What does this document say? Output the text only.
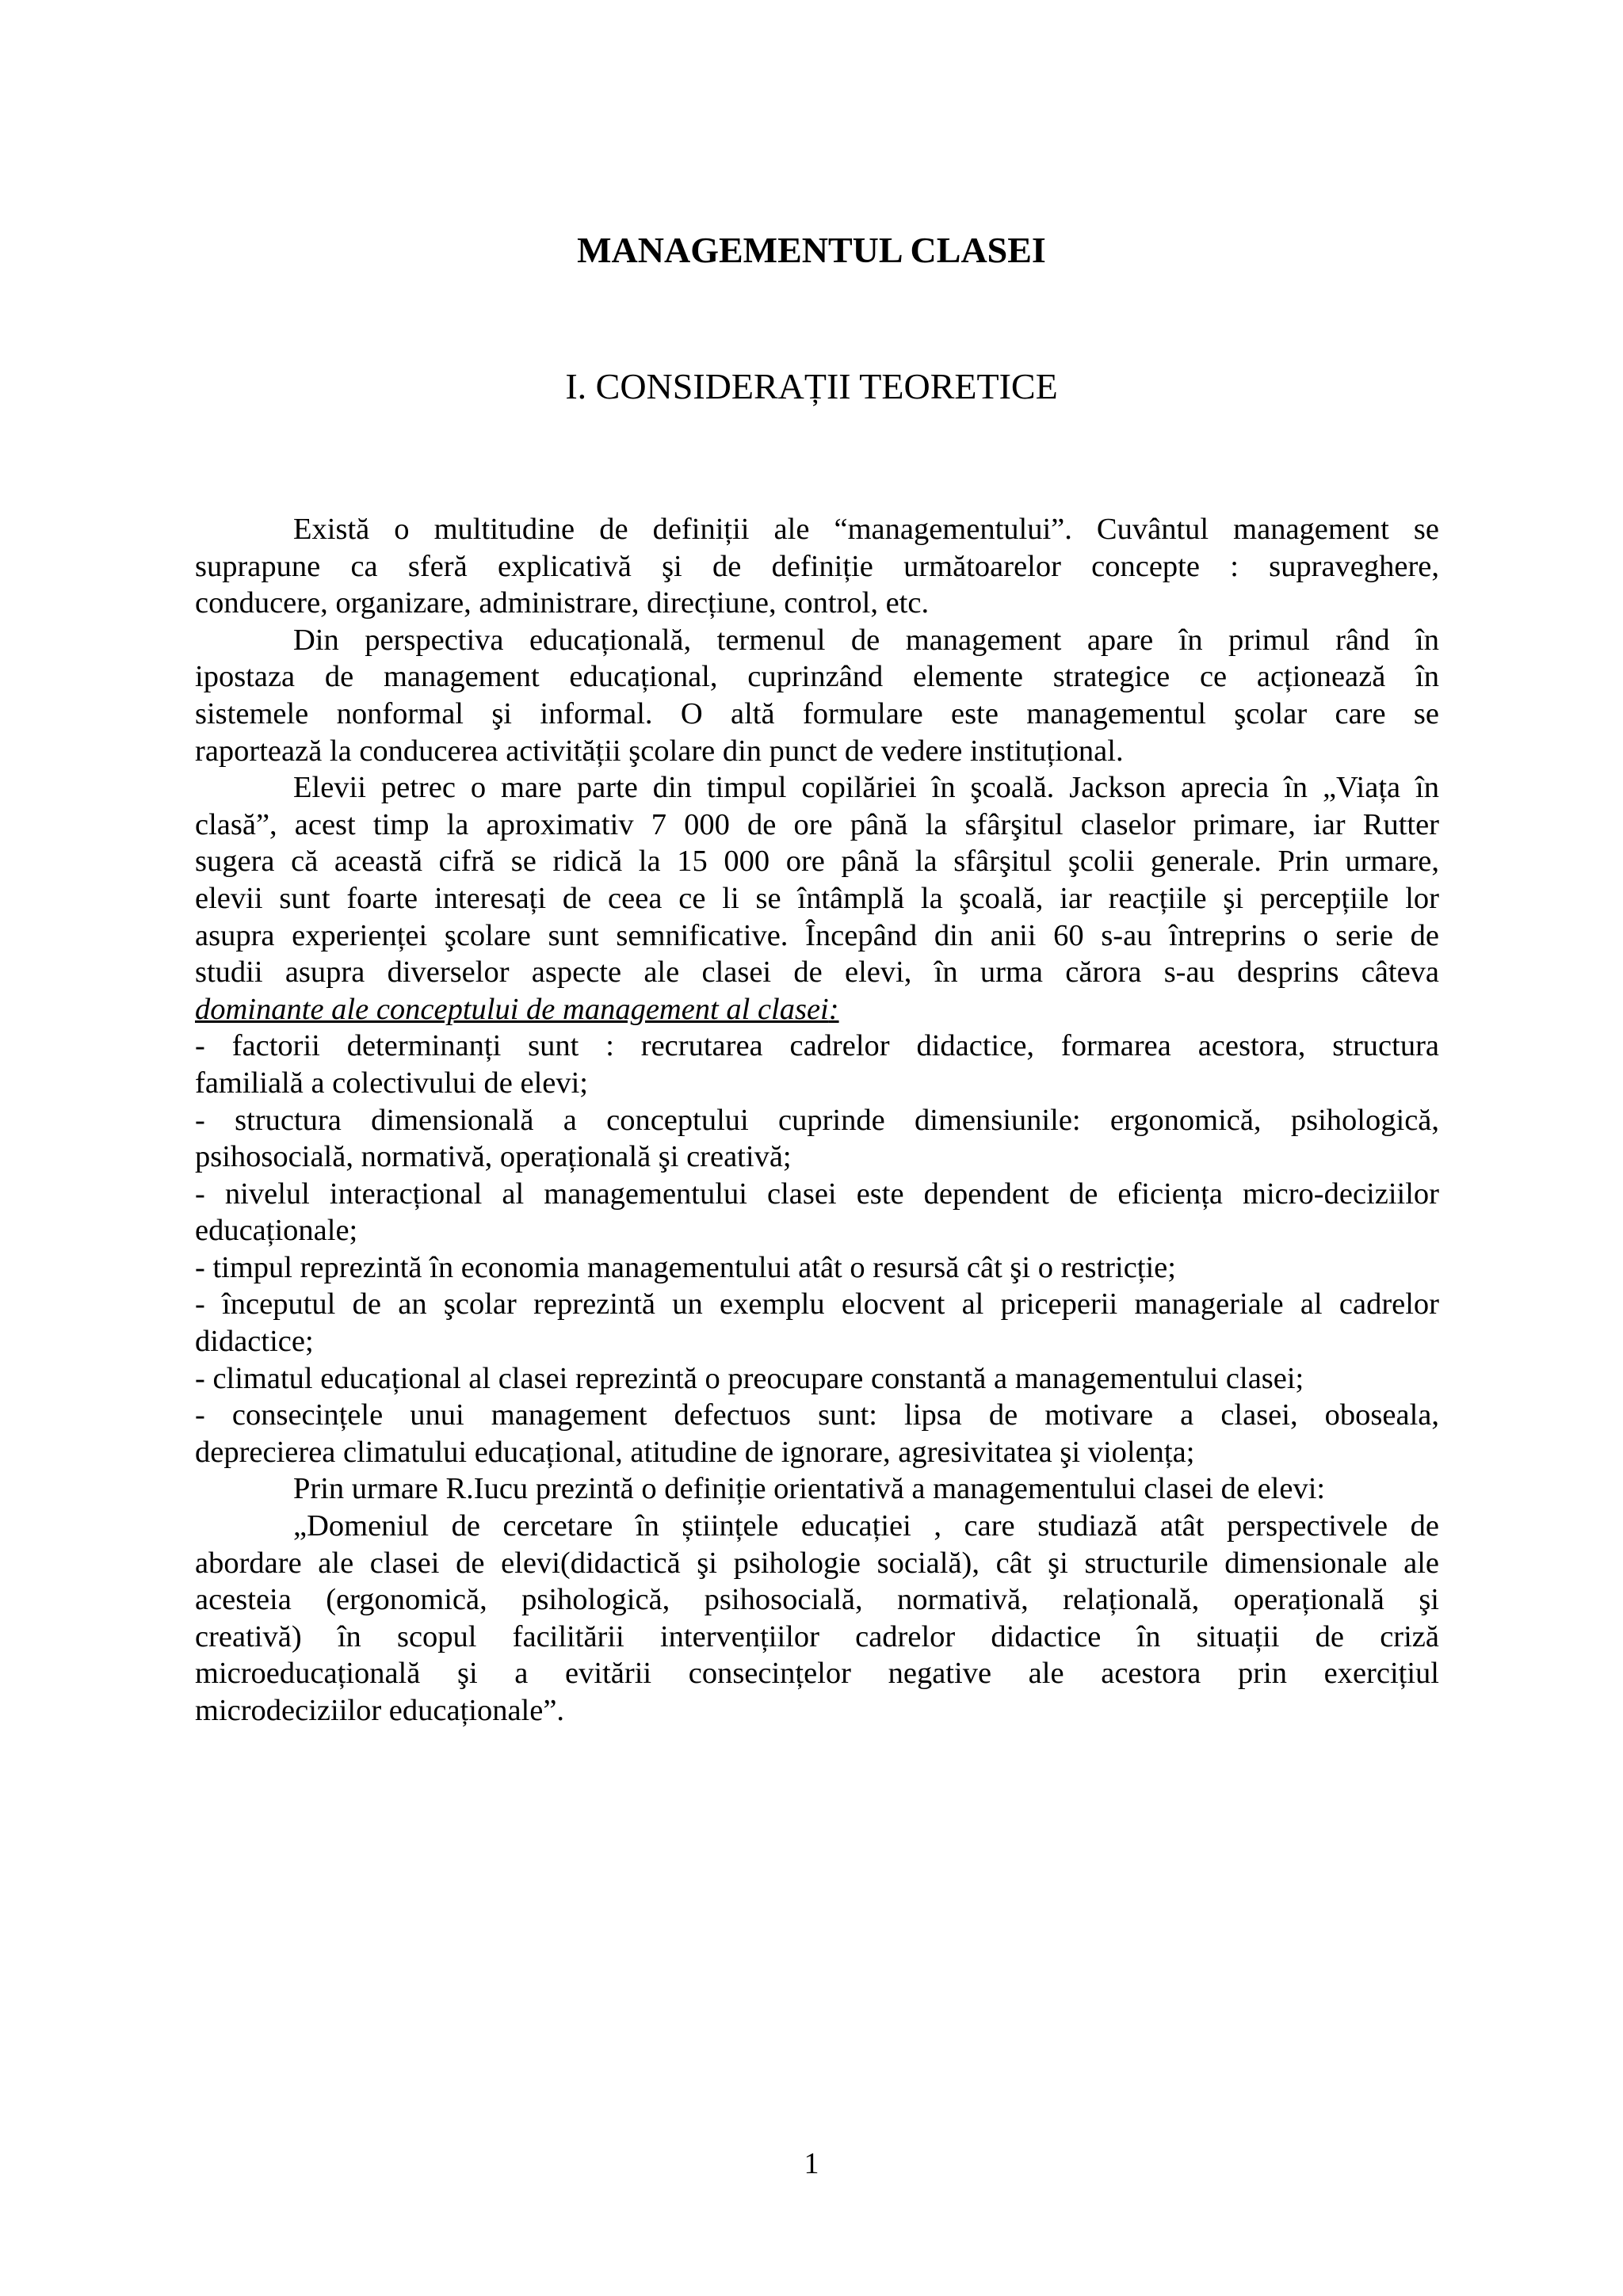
MANAGEMENTUL CLASEI
I. CONSIDERAȚII TEORETICE
Există o multitudine de definiții ale “managementului”. Cuvântul management se
suprapune ca sferă explicativă şi de definiție următoarelor concepte : supraveghere,
conducere, organizare, administrare, direcțiune, control, etc.
Din perspectiva educațională, termenul de management apare în primul rând în
ipostaza de management educațional, cuprinzând elemente strategice ce acționează în
sistemele nonformal şi informal. O altă formulare este managementul şcolar care se
raportează la conducerea activității şcolare din punct de vedere instituțional.
Elevii petrec o mare parte din timpul copilăriei în şcoală. Jackson aprecia în „Viața în
clasă”, acest timp la aproximativ 7 000 de ore până la sfârşitul claselor primare, iar Rutter
sugera că această cifră se ridică la 15 000 ore până la sfârşitul şcolii generale. Prin urmare,
elevii sunt foarte interesați de ceea ce li se întâmplă la şcoală, iar reacțiile şi percepțiile lor
asupra experienței şcolare sunt semnificative. Începând din anii 60 s-au întreprins o serie de
studii asupra diverselor aspecte ale clasei de elevi, în urma cărora s-au desprins câteva
dominante ale conceptului de management al clasei:
- factorii determinanți sunt : recrutarea cadrelor didactice, formarea acestora, structura
familială a colectivului de elevi;
- structura dimensională a conceptului cuprinde dimensiunile: ergonomică, psihologică,
psihosocială, normativă, operațională şi creativă;
- nivelul interacțional al managementului clasei este dependent de eficiența micro-deciziilor
educaționale;
- timpul reprezintă în economia managementului atât o resursă cât şi o restricție;
- începutul de an şcolar reprezintă un exemplu elocvent al priceperii manageriale al cadrelor
didactice;
- climatul educațional al clasei reprezintă o preocupare constantă a managementului clasei;
- consecințele unui management defectuos sunt: lipsa de motivare a clasei, oboseala,
deprecierea climatului educațional, atitudine de ignorare, agresivitatea şi violența;
Prin urmare R.Iucu prezintă o definiție orientativă a managementului clasei de elevi:
„Domeniul de cercetare în științele educației , care studiază atât perspectivele de
abordare ale clasei de elevi(didactică şi psihologie socială), cât şi structurile dimensionale ale
acesteia (ergonomică, psihologică, psihosocială, normativă, relațională, operațională şi
creativă) în scopul facilitării intervențiilor cadrelor didactice în situații de criză
microeducațională şi a evitării consecințelor negative ale acestora prin exercițiul
microdeciziilor educaționale”.
1
